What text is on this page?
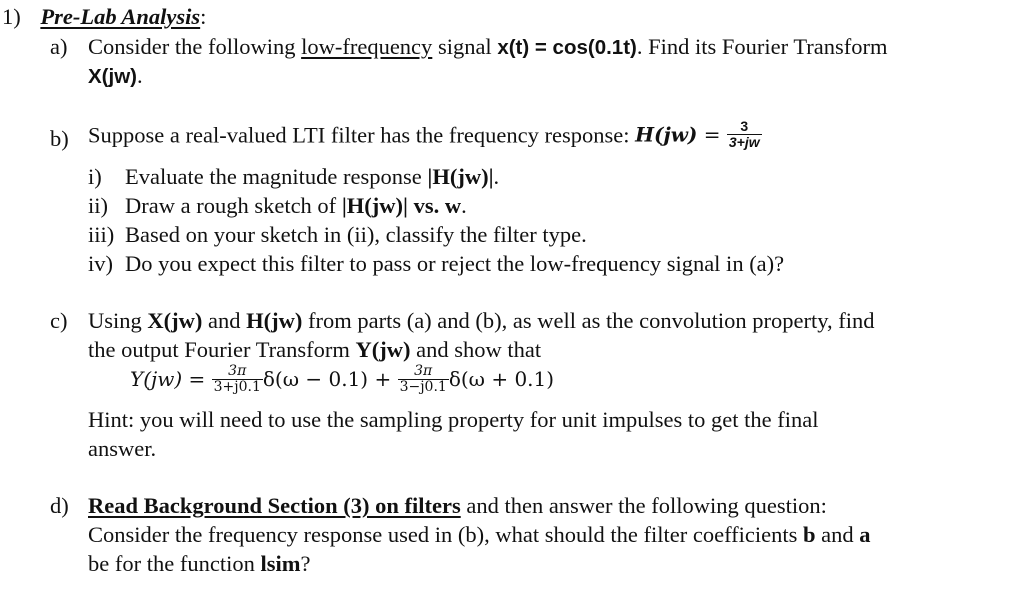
1) Pre-Lab Analysis:
a) Consider the following low-frequency signal x(t) = cos(0.1t). Find its Fourier Transform
X(jw).
b) Suppose a real-valued LTI filter has the frequency response: $H(jw) = \frac{3}{3+jw}$
i) Evaluate the magnitude response |H(jw)|.
ii) Draw a rough sketch of |H(jw)| vs. w.
iii) Based on your sketch in (ii), classify the filter type.
iv) Do you expect this filter to pass or reject the low-frequency signal in (a)?
c) Using X(jw) and H(jw) from parts (a) and (b), as well as the convolution property, find
the output Fourier Transform Y(jw) and show that
$Y(jw) = \frac{3\pi}{3+j0.1} \delta(\omega - 0.1) + \frac{3\pi}{3-j0.1} \delta(\omega + 0.1)$
Hint: you will need to use the sampling property for unit impulses to get the final
answer.
d) Read Background Section (3) on filters and then answer the following question:
Consider the frequency response used in (b), what should the filter coefficients b and a
be for the function lsim?
